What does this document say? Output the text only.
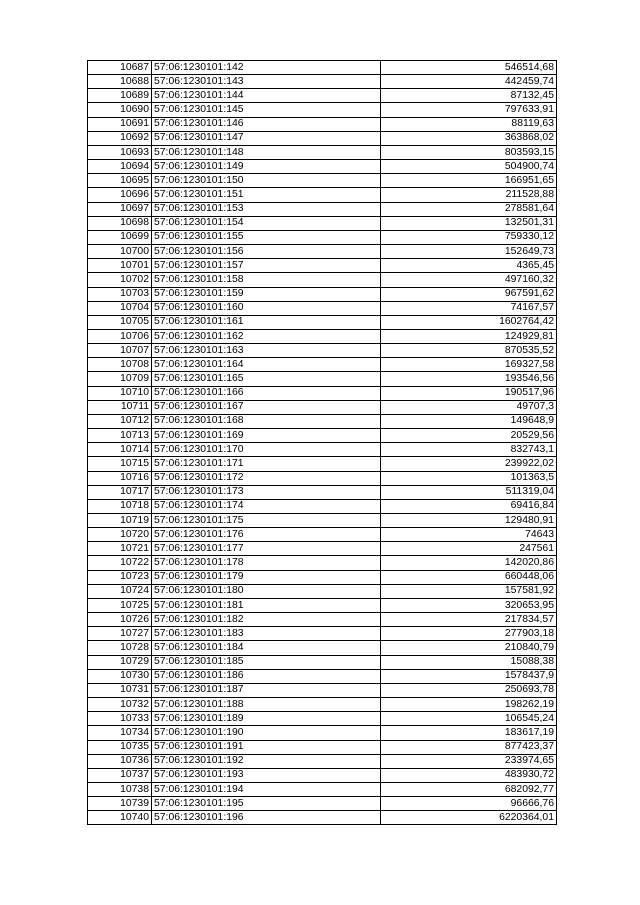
10687	57:06:1230101:142	546514,68
10688	57:06:1230101:143	442459,74
10689	57:06:1230101:144	87132,45
10690	57:06:1230101:145	797633,91
10691	57:06:1230101:146	88119,63
10692	57:06:1230101:147	363868,02
10693	57:06:1230101:148	803593,15
10694	57:06:1230101:149	504900,74
10695	57:06:1230101:150	166951,65
10696	57:06:1230101:151	211528,88
10697	57:06:1230101:153	278581,64
10698	57:06:1230101:154	132501,31
10699	57:06:1230101:155	759330,12
10700	57:06:1230101:156	152649,73
10701	57:06:1230101:157	4365,45
10702	57:06:1230101:158	497160,32
10703	57:06:1230101:159	967591,62
10704	57:06:1230101:160	74167,57
10705	57:06:1230101:161	1602764,42
10706	57:06:1230101:162	124929,81
10707	57:06:1230101:163	870535,52
10708	57:06:1230101:164	169327,58
10709	57:06:1230101:165	193546,56
10710	57:06:1230101:166	190517,96
10711	57:06:1230101:167	49707,3
10712	57:06:1230101:168	149648,9
10713	57:06:1230101:169	20529,56
10714	57:06:1230101:170	832743,1
10715	57:06:1230101:171	239922,02
10716	57:06:1230101:172	101363,5
10717	57:06:1230101:173	511319,04
10718	57:06:1230101:174	69416,84
10719	57:06:1230101:175	129480,91
10720	57:06:1230101:176	74643
10721	57:06:1230101:177	247561
10722	57:06:1230101:178	142020,86
10723	57:06:1230101:179	660448,06
10724	57:06:1230101:180	157581,92
10725	57:06:1230101:181	320653,95
10726	57:06:1230101:182	217834,57
10727	57:06:1230101:183	277903,18
10728	57:06:1230101:184	210840,79
10729	57:06:1230101:185	15088,38
10730	57:06:1230101:186	1578437,9
10731	57:06:1230101:187	250693,78
10732	57:06:1230101:188	198262,19
10733	57:06:1230101:189	106545,24
10734	57:06:1230101:190	183617,19
10735	57:06:1230101:191	877423,37
10736	57:06:1230101:192	233974,65
10737	57:06:1230101:193	483930,72
10738	57:06:1230101:194	682092,77
10739	57:06:1230101:195	96666,76
10740	57:06:1230101:196	6220364,01
